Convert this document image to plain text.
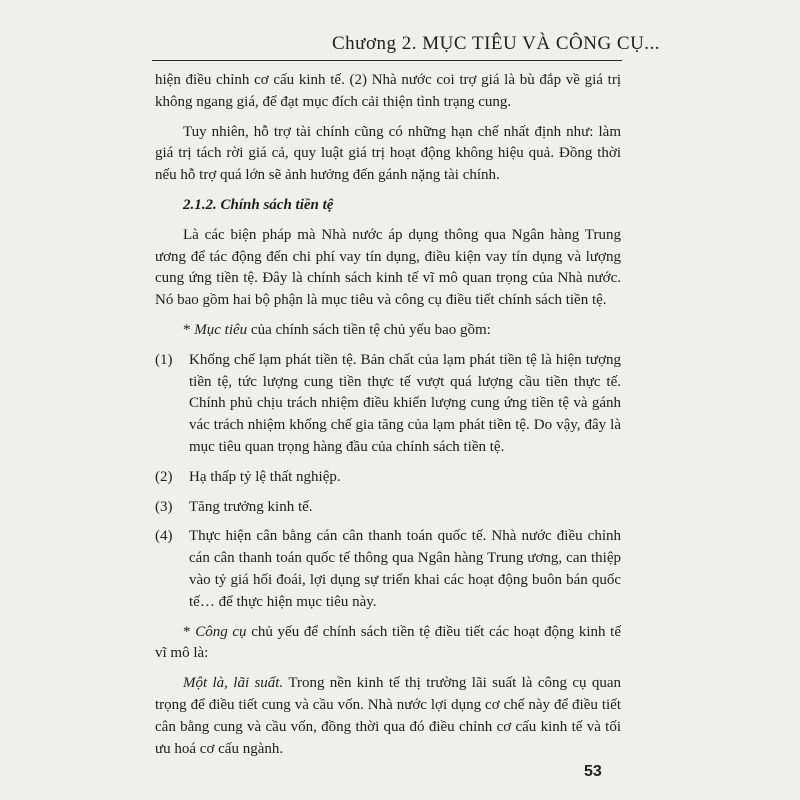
Chương 2. MỤC TIÊU VÀ CÔNG CỤ...

hiện điều chỉnh cơ cấu kinh tế. (2) Nhà nước coi trợ giá là bù đắp về giá trị không ngang giá, để đạt mục đích cải thiện tình trạng cung.

Tuy nhiên, hỗ trợ tài chính cũng có những hạn chế nhất định như: làm giá trị tách rời giá cả, quy luật giá trị hoạt động không hiệu quả. Đồng thời nếu hỗ trợ quá lớn sẽ ảnh hưởng đến gánh nặng tài chính.

2.1.2. Chính sách tiền tệ

Là các biện pháp mà Nhà nước áp dụng thông qua Ngân hàng Trung ương để tác động đến chi phí vay tín dụng, điều kiện vay tín dụng và lượng cung ứng tiền tệ. Đây là chính sách kinh tế vĩ mô quan trọng của Nhà nước. Nó bao gồm hai bộ phận là mục tiêu và công cụ điều tiết chính sách tiền tệ.

* Mục tiêu của chính sách tiền tệ chủ yếu bao gồm:

(1)	Khống chế lạm phát tiền tệ. Bản chất của lạm phát tiền tệ là hiện tượng tiền tệ, tức lượng cung tiền thực tế vượt quá lượng cầu tiền thực tế. Chính phủ chịu trách nhiệm điều khiển lượng cung ứng tiền tệ và gánh vác trách nhiệm khống chế gia tăng của lạm phát tiền tệ. Do vậy, đây là mục tiêu quan trọng hàng đầu của chính sách tiền tệ.
(2)	Hạ thấp tỷ lệ thất nghiệp.
(3)	Tăng trưởng kinh tế.
(4)	Thực hiện cân bằng cán cân thanh toán quốc tế. Nhà nước điều chỉnh cán cân thanh toán quốc tế thông qua Ngân hàng Trung ương, can thiệp vào tỷ giá hối đoái, lợi dụng sự triển khai các hoạt động buôn bán quốc tế… để thực hiện mục tiêu này.

* Công cụ chủ yếu để chính sách tiền tệ điều tiết các hoạt động kinh tế vĩ mô là:

Một là, lãi suất. Trong nền kinh tế thị trường lãi suất là công cụ quan trọng để điều tiết cung và cầu vốn. Nhà nước lợi dụng cơ chế này để điều tiết cân bằng cung và cầu vốn, đồng thời qua đó điều chỉnh cơ cấu kinh tế và tối ưu hoá cơ cấu ngành.

53
